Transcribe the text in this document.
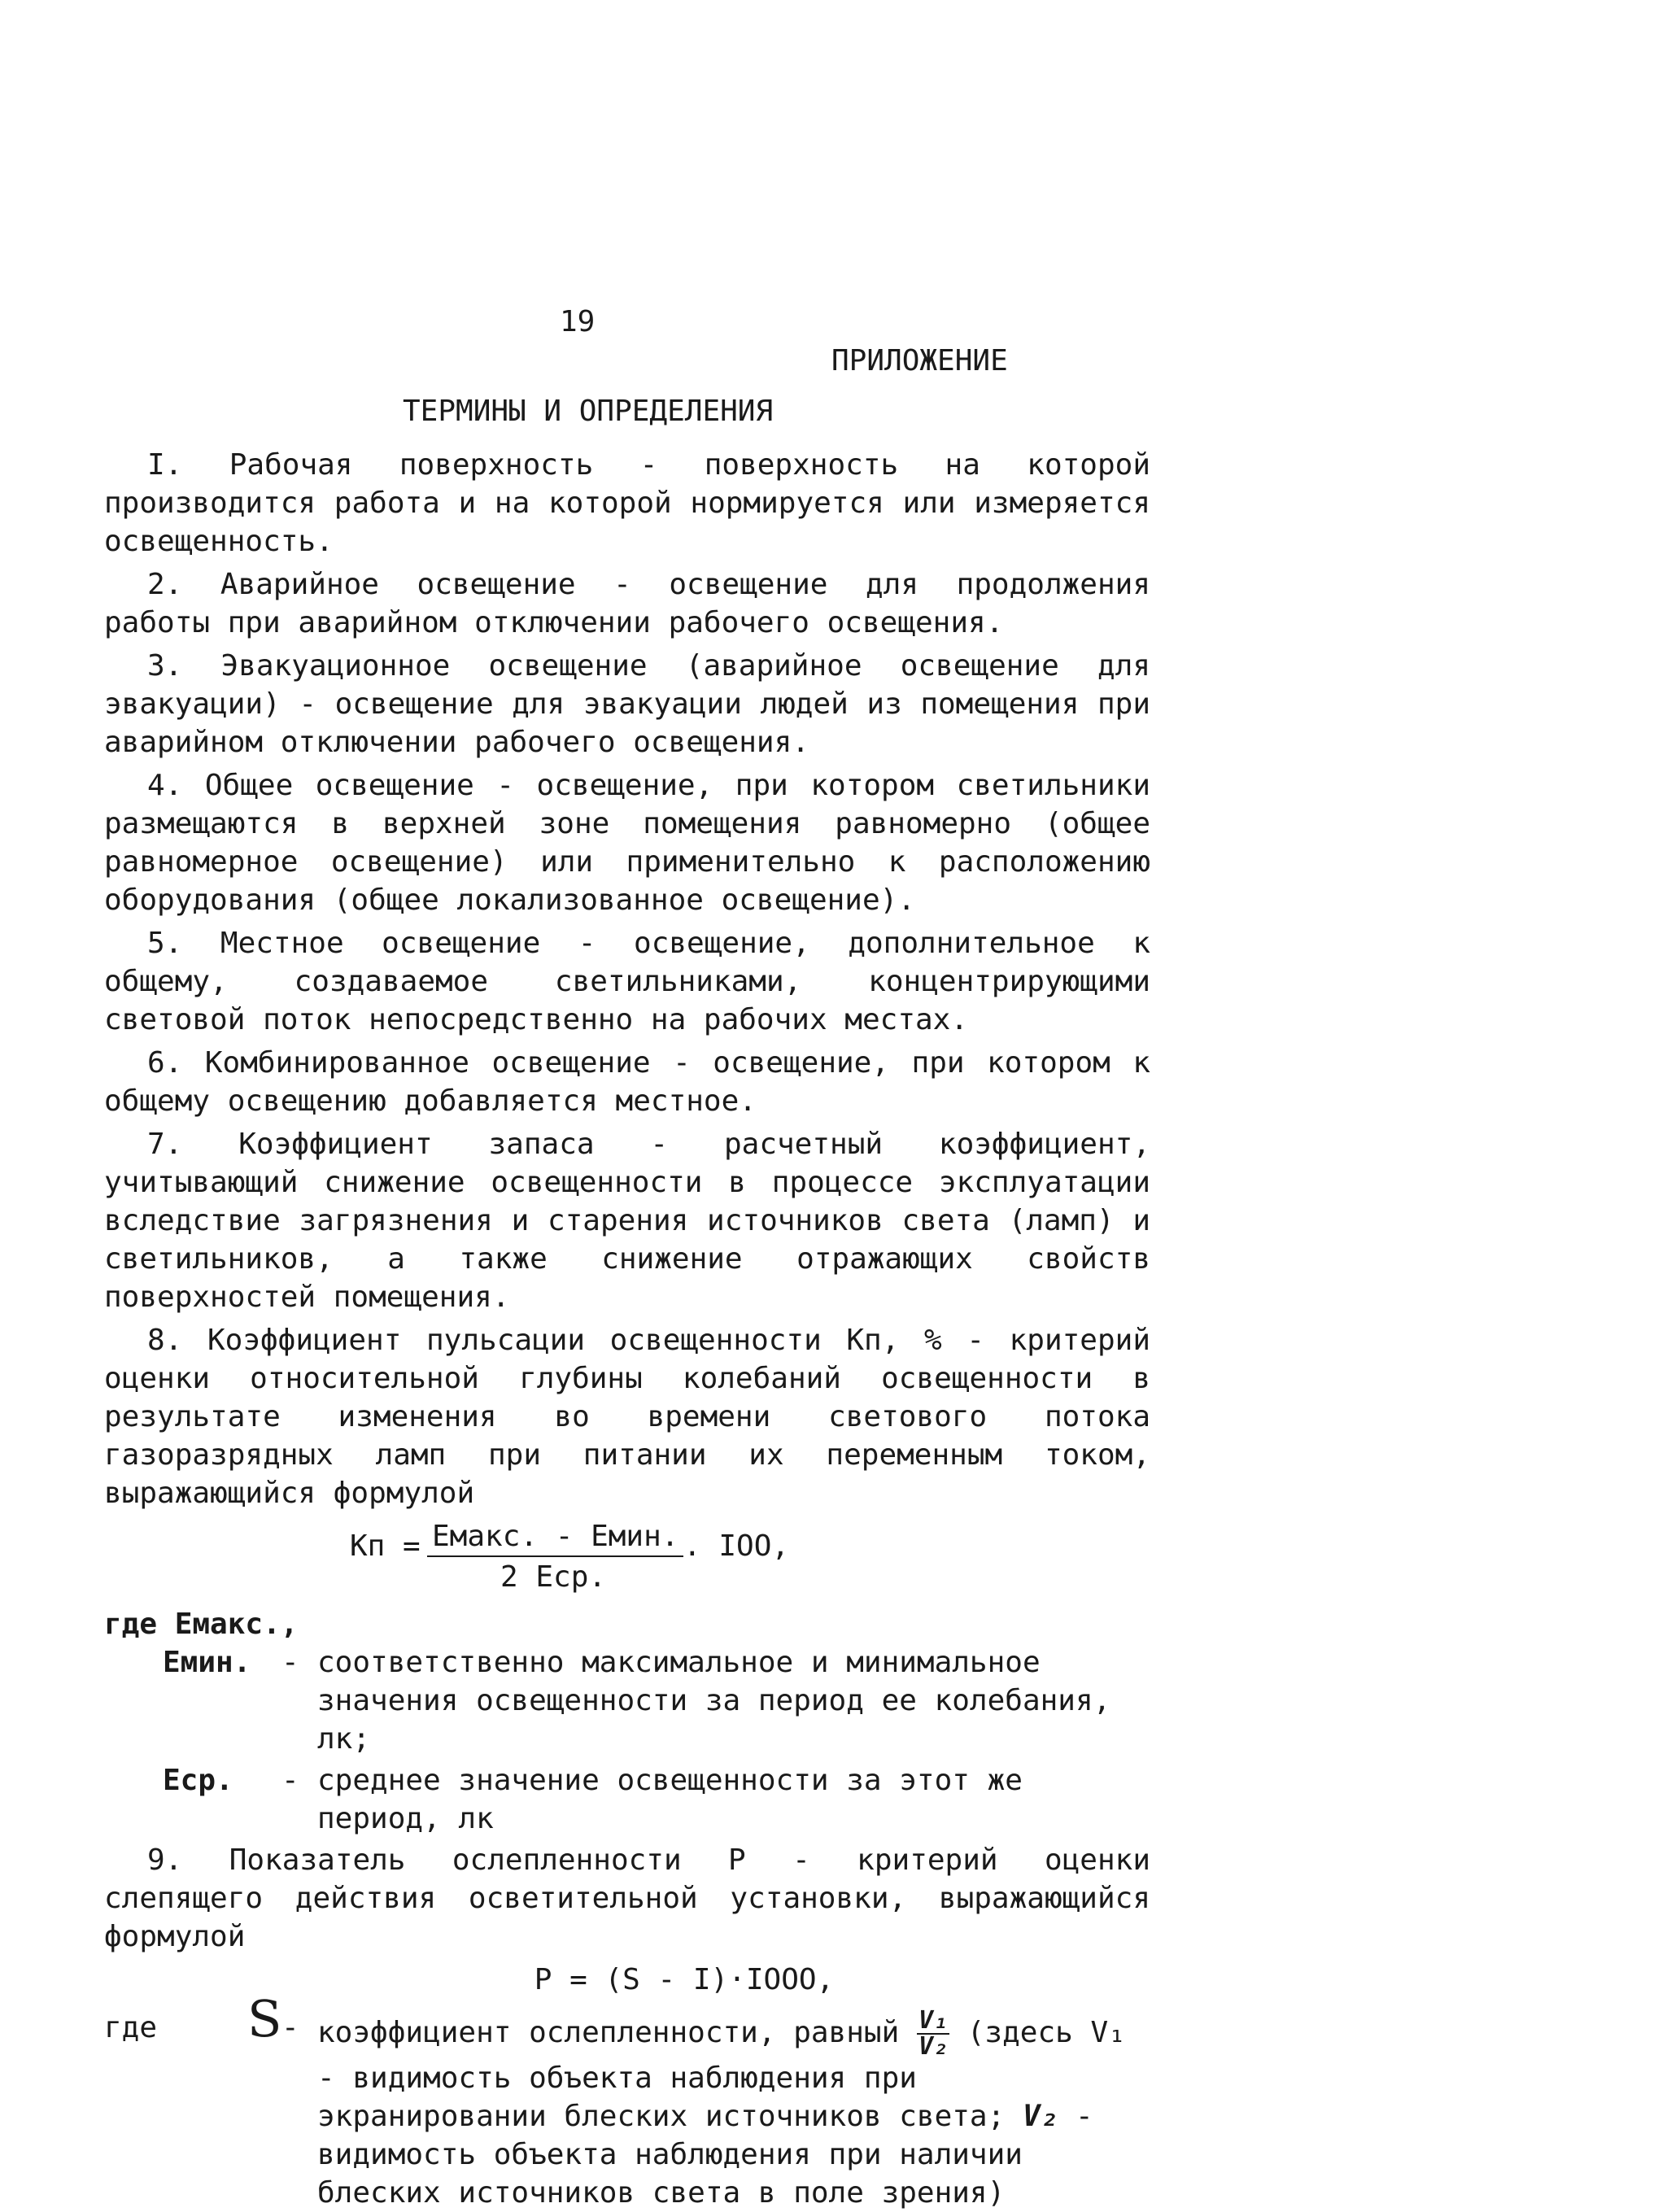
19
ПРИЛОЖЕНИЕ
ТЕРМИНЫ И ОПРЕДЕЛЕНИЯ

I. Рабочая поверхность - поверхность на которой производится работа и на которой нормируется или измеряется освещенность.

2. Аварийное освещение - освещение для продолжения работы при аварийном отключении рабочего освещения.

3. Эвакуационное освещение (аварийное освещение для эвакуации) - освещение для эвакуации людей из помещения при аварийном отключении рабочего освещения.

4. Общее освещение - освещение, при котором светильники размещаются в верхней зоне помещения равномерно (общее равномерное освещение) или применительно к расположению оборудования (общее локализованное освещение).

5. Местное освещение - освещение, дополнительное к общему, создаваемое светильниками, концентрирующими световой поток непосредственно на рабочих местах.

6. Комбинированное освещение - освещение, при котором к общему освещению добавляется местное.

7. Коэффициент запаса - расчетный коэффициент, учитывающий снижение освещенности в процессе эксплуатации вследствие загрязнения и старения источников света (ламп) и светильников, а также снижение отражающих свойств поверхностей помещения.

8. Коэффициент пульсации освещенности Кп, % - критерий оценки относительной глубины колебаний освещенности в результате изменения во времени светового потока газоразрядных ламп при питании их переменным током, выражающийся формулой

Кп = Емакс. - Емин.
2 Еср.
. IOO,
где Емакс.,
Емин. - соответственно максимальное и минимальное значения освещенности за период ее колебания, лк;
Еср. - среднее значение освещенности за этот же период, лк

9. Показатель ослепленности Р - критерий оценки слепящего действия осветительной установки, выражающийся формулой

Р = (S - I)·IOOO,

где S - коэффициент ослепленности, равный $\frac{\text{V₁}}{\text{V₂}}$ (здесь V₁ - видимость объекта наблюдения при экранировании блеских источников света; V₂ - видимость объекта наблюдения при наличии блеских источников света в поле зрения)
